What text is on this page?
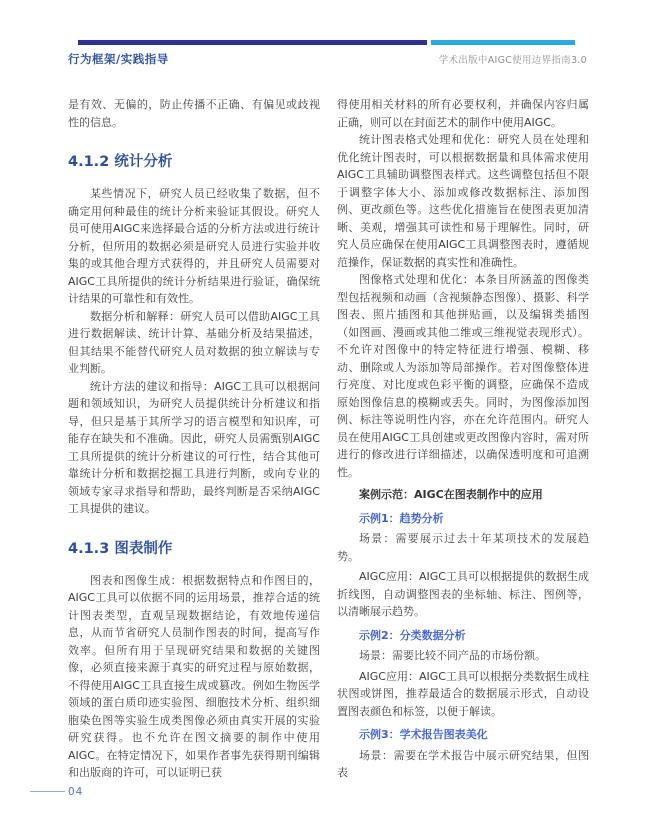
行为框架/实践指导	学术出版中AIGC使用边界指南3.0

是有效、无偏的，防止传播不正确、有偏见或歧视性的信息。

4.1.2 统计分析

某些情况下，研究人员已经收集了数据，但不确定用何种最佳的统计分析来验证其假设。研究人员可使用AIGC来选择最合适的分析方法或进行统计分析，但所用的数据必须是研究人员进行实验并收集的或其他合理方式获得的，并且研究人员需要对AIGC工具所提供的统计分析结果进行验证，确保统计结果的可靠性和有效性。

数据分析和解释：研究人员可以借助AIGC工具进行数据解读、统计计算、基础分析及结果描述，但其结果不能替代研究人员对数据的独立解读与专业判断。

统计方法的建议和指导：AIGC工具可以根据问题和领域知识，为研究人员提供统计分析建议和指导，但只是基于其所学习的语言模型和知识库，可能存在缺失和不准确。因此，研究人员需甄别AIGC工具所提供的统计分析建议的可行性，结合其他可靠统计分析和数据挖掘工具进行判断，或向专业的领域专家寻求指导和帮助，最终判断是否采纳AIGC工具提供的建议。

4.1.3 图表制作

图表和图像生成：根据数据特点和作图目的，AIGC工具可以依据不同的运用场景，推荐合适的统计图表类型，直观呈现数据结论，有效地传递信息，从而节省研究人员制作图表的时间，提高写作效率。但所有用于呈现研究结果和数据的关键图像，必须直接来源于真实的研究过程与原始数据，不得使用AIGC工具直接生成或篡改。例如生物医学领域的蛋白质印迹实验图、细胞技术分析、组织细胞染色图等实验生成类图像必须由真实开展的实验研究获得。也不允许在图文摘要的制作中使用AIGC。在特定情况下，如果作者事先获得期刊编辑和出版商的许可，可以证明已获

得使用相关材料的所有必要权利，并确保内容归属正确，则可以在封面艺术的制作中使用AIGC。

统计图表格式处理和优化：研究人员在处理和优化统计图表时，可以根据数据量和具体需求使用AIGC工具辅助调整图表样式。这些调整包括但不限于调整字体大小、添加或修改数据标注、添加图例、更改颜色等。这些优化措施旨在使图表更加清晰、美观，增强其可读性和易于理解性。同时，研究人员应确保在使用AIGC工具调整图表时，遵循规范操作，保证数据的真实性和准确性。

图像格式处理和优化：本条目所涵盖的图像类型包括视频和动画（含视频静态图像）、摄影、科学图表、照片插图和其他拼贴画，以及编辑类插图（如图画、漫画或其他二维或三维视觉表现形式）。不允许对图像中的特定特征进行增强、模糊、移动、删除或人为添加等局部操作。若对图像整体进行亮度、对比度或色彩平衡的调整，应确保不造成原始图像信息的模糊或丢失。同时，为图像添加图例、标注等说明性内容，亦在允许范围内。研究人员在使用AIGC工具创建或更改图像内容时，需对所进行的修改进行详细描述，以确保透明度和可追溯性。

案例示范：AIGC在图表制作中的应用

示例1：趋势分析

场景：需要展示过去十年某项技术的发展趋势。

AIGC应用：AIGC工具可以根据提供的数据生成折线图，自动调整图表的坐标轴、标注、图例等，以清晰展示趋势。

示例2：分类数据分析

场景：需要比较不同产品的市场份额。

AIGC应用：AIGC工具可以根据分类数据生成柱状图或饼图，推荐最适合的数据展示形式，自动设置图表颜色和标签，以便于解读。

示例3：学术报告图表美化

场景：需要在学术报告中展示研究结果，但图表

04
